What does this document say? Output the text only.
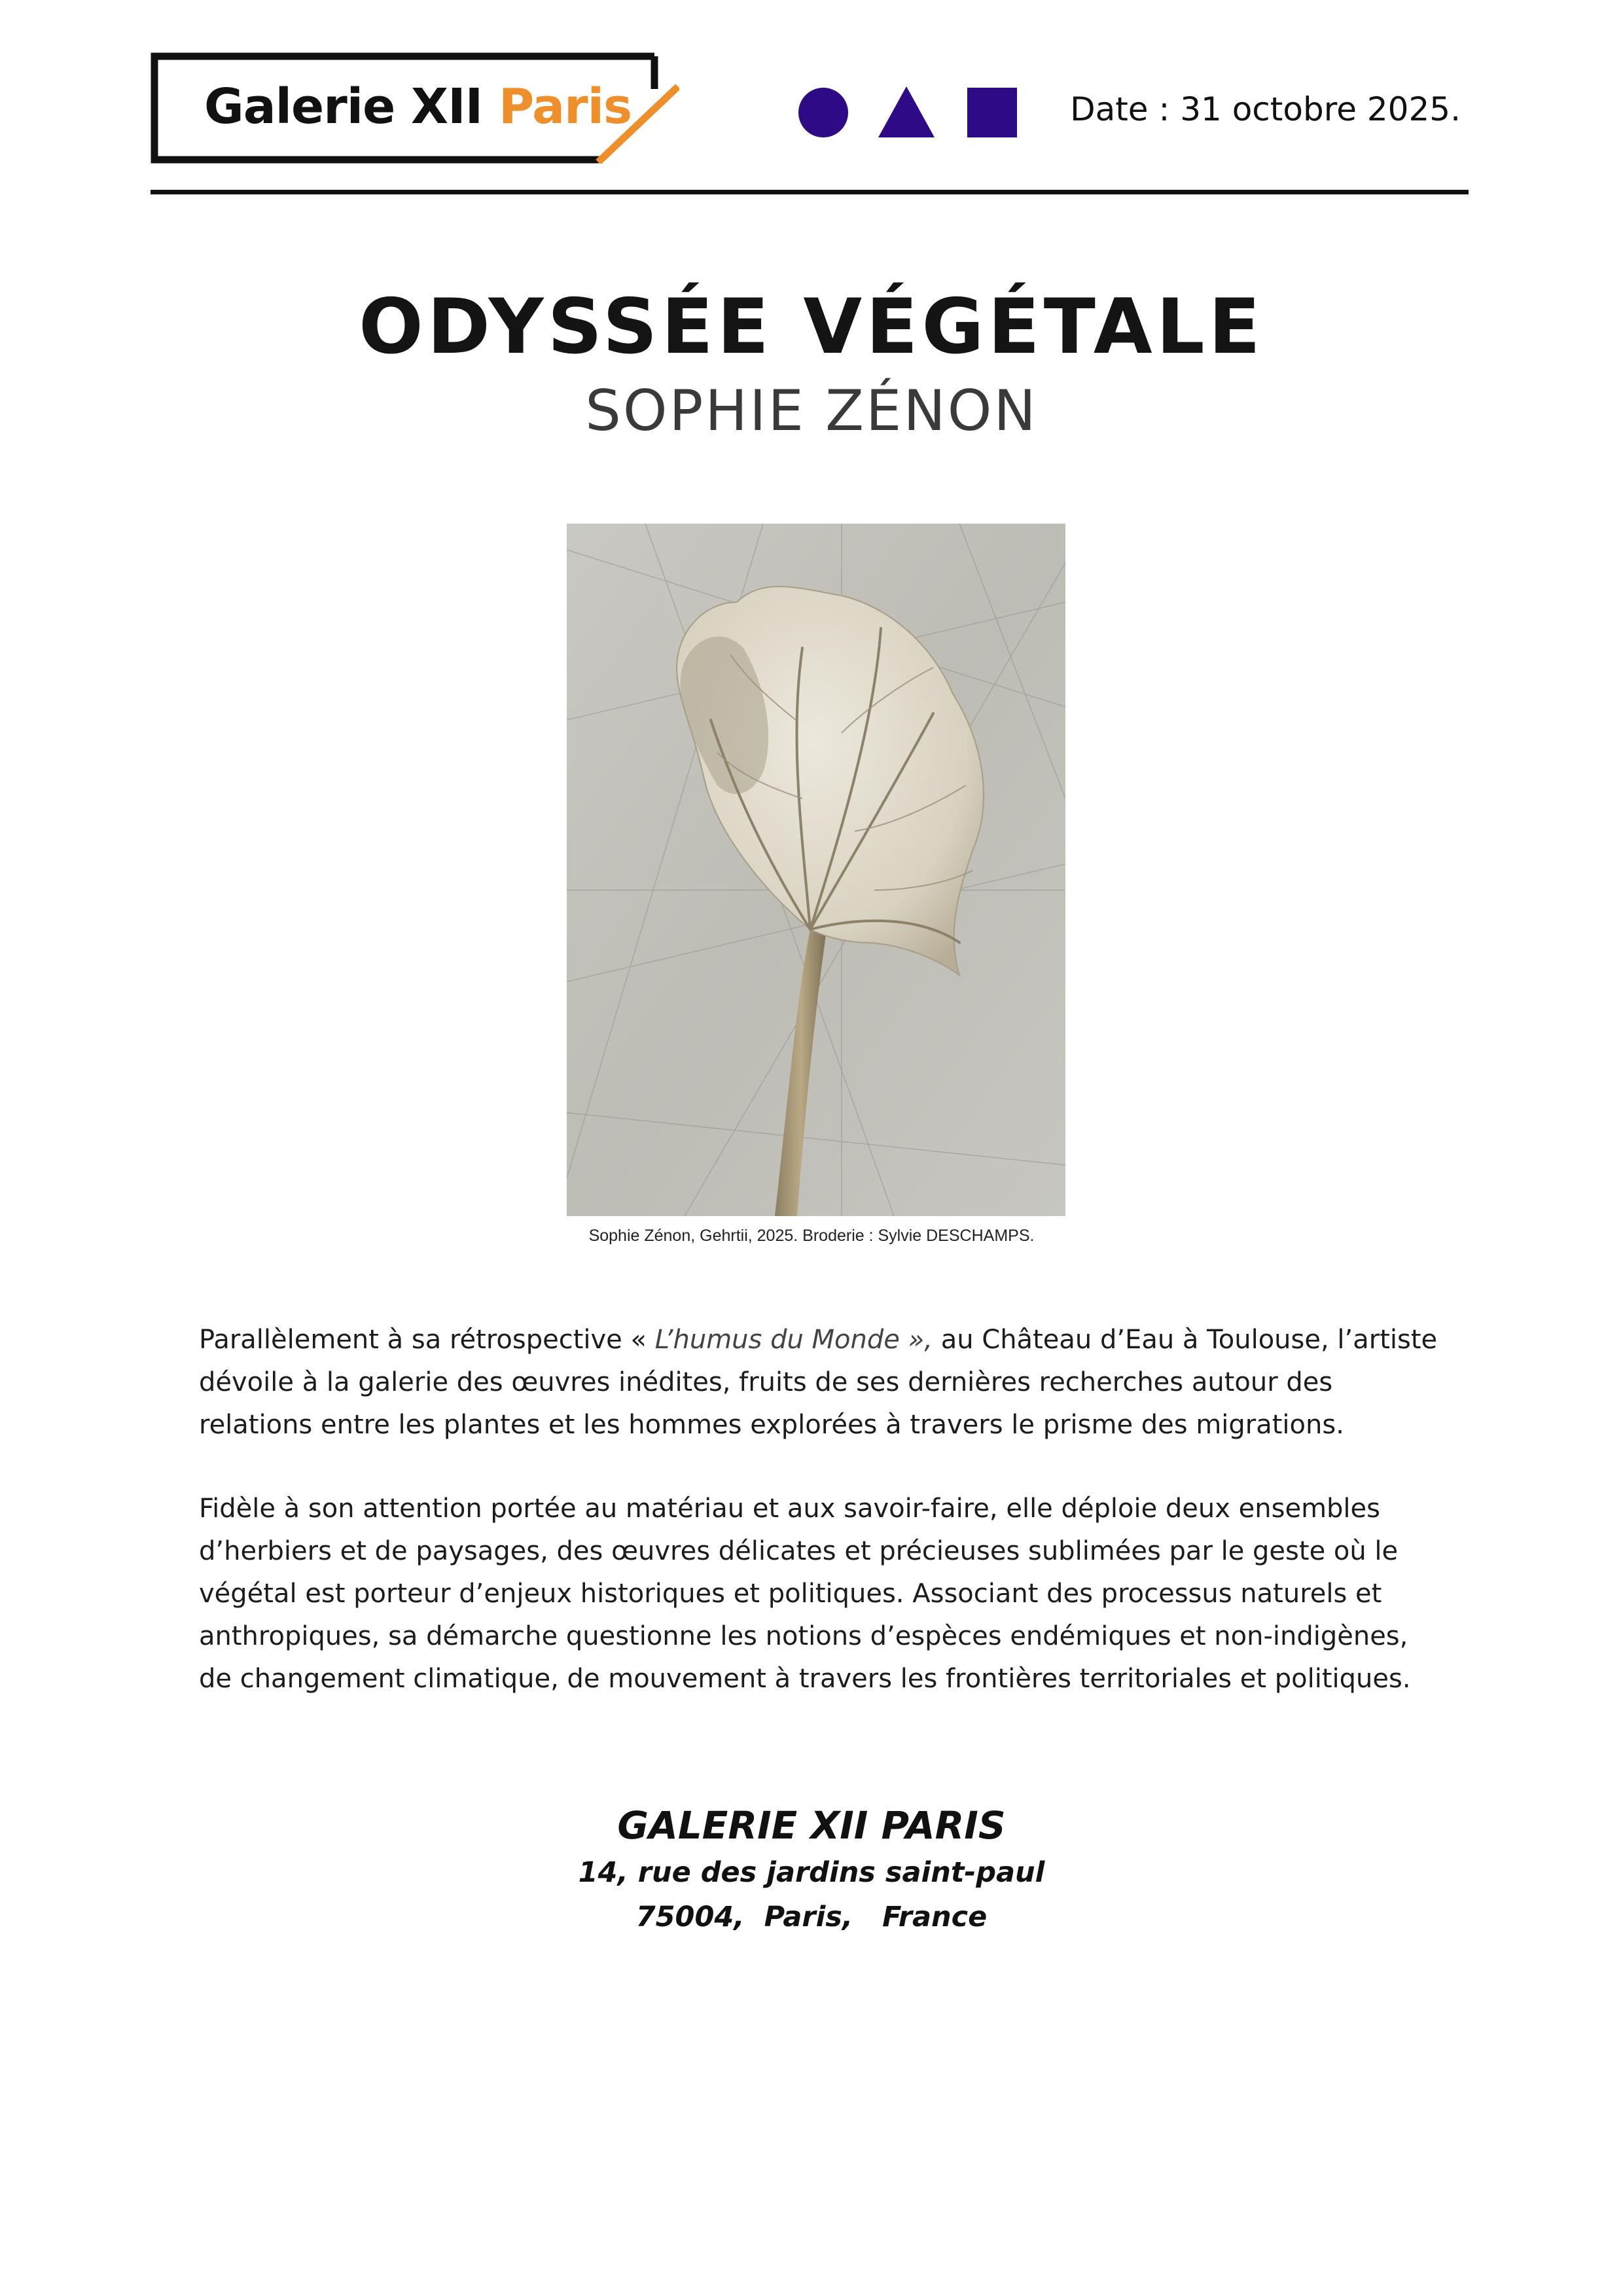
Galerie XII Paris	Date : 31 octobre 2025.
ODYSSÉE VÉGÉTALE
SOPHIE ZÉNON
Sophie Zénon, Gehrtii, 2025. Broderie : Sylvie DESCHAMPS.
Parallèlement à sa rétrospective « L’humus du Monde », au Château d’Eau à Toulouse, l’artiste dévoile à la galerie des œuvres inédites, fruits de ses dernières recherches autour des relations entre les plantes et les hommes explorées à travers le prisme des migrations.
Fidèle à son attention portée au matériau et aux savoir-faire, elle déploie deux ensembles d’herbiers et de paysages, des œuvres délicates et précieuses sublimées par le geste où le végétal est porteur d’enjeux historiques et politiques. Associant des processus naturels et anthropiques, sa démarche questionne les notions d’espèces endémiques et non-indigènes, de changement climatique, de mouvement à travers les frontières territoriales et politiques.
GALERIE XII PARIS
14, rue des jardins saint-paul
75004,  Paris,   France
